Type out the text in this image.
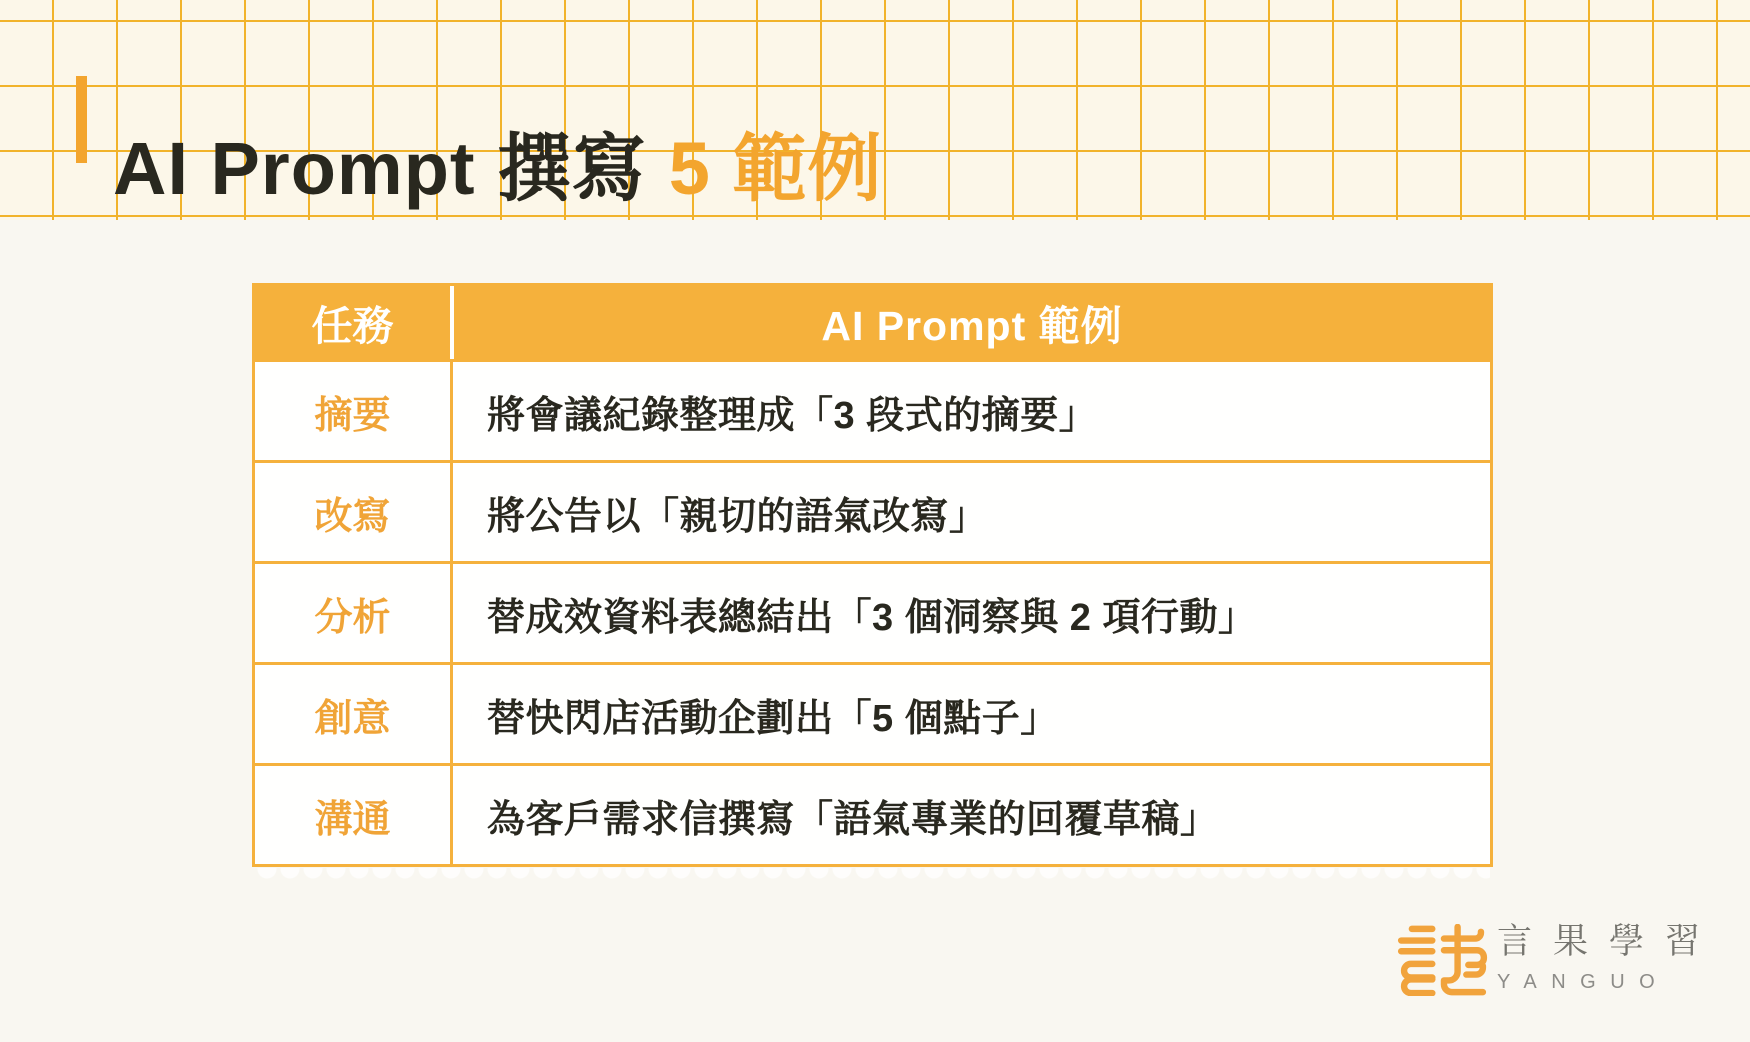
AI Prompt 撰寫 5 範例
任務	AI Prompt 範例
摘要	將會議紀錄整理成「3 段式的摘要」
改寫	將公告以「親切的語氣改寫」
分析	替成效資料表總結出「3 個洞察與 2 項行動」
創意	替快閃店活動企劃出「5 個點子」
溝通	為客戶需求信撰寫「語氣專業的回覆草稿」
言果學習
YANGUO
